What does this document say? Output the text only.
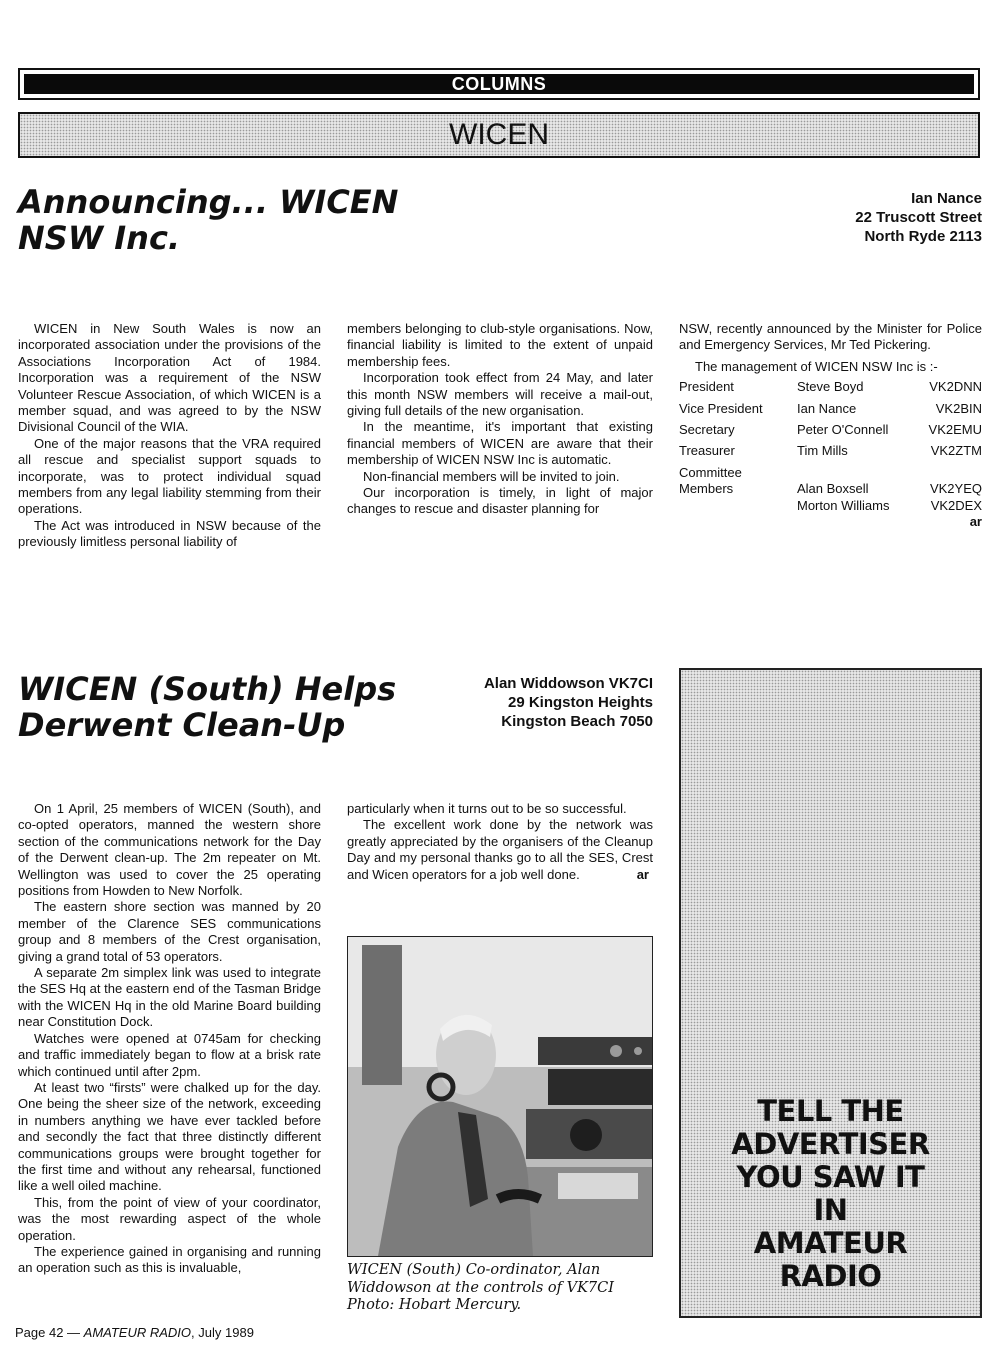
COLUMNS
WICEN
Announcing... WICEN
NSW Inc.
Ian Nance
22 Truscott Street
North Ryde 2113

WICEN in New South Wales is now an incorporated association under the provisions of the Associations Incorporation Act of 1984. Incorporation was a requirement of the NSW Volunteer Rescue Association, of which WICEN is a member squad, and was agreed to by the NSW Divisional Council of the WIA.

One of the major reasons that the VRA required all rescue and specialist support squads to incorporate, was to protect individual squad members from any legal liability stemming from their operations.

The Act was introduced in NSW because of the previously limitless personal liability of

members belonging to club-style organisations. Now, financial liability is limited to the extent of unpaid membership fees.

Incorporation took effect from 24 May, and later this month NSW members will receive a mail-out, giving full details of the new organisation.

In the meantime, it's important that existing financial members of WICEN are aware that their membership of WICEN NSW Inc is automatic.

Non-financial members will be invited to join.

Our incorporation is timely, in light of major changes to rescue and disaster planning for

NSW, recently announced by the Minister for Police and Emergency Services, Mr Ted Pickering.

The management of WICEN NSW Inc is :-

President	Steve Boyd	VK2DNN
Vice President	Ian Nance	VK2BIN
Secretary	Peter O'Connell	VK2EMU
Treasurer	Tim Mills	VK2ZTM
Committee		
Members	Alan Boxsell	VK2YEQ
	Morton Williams	VK2DEX
ar
WICEN (South) Helps
Derwent Clean-Up
Alan Widdowson VK7CI
29 Kingston Heights
Kingston Beach 7050

On 1 April, 25 members of WICEN (South), and co-opted operators, manned the western shore section of the communications network for the Day of the Derwent clean-up. The 2m repeater on Mt. Wellington was used to cover the 25 operating positions from Howden to New Norfolk.

The eastern shore section was manned by 20 member of the Clarence SES communications group and 8 members of the Crest organisation, giving a grand total of 53 operators.

A separate 2m simplex link was used to integrate the SES Hq at the eastern end of the Tasman Bridge with the WICEN Hq in the old Marine Board building near Constitution Dock.

Watches were opened at 0745am for checking and traffic immediately began to flow at a brisk rate which continued until after 2pm.

At least two “firsts” were chalked up for the day. One being the sheer size of the network, exceeding in numbers anything we have ever tackled before and secondly the fact that three distinctly different communications groups were brought together for the first time and without any rehearsal, functioned like a well oiled machine.

This, from the point of view of your coordinator, was the most rewarding aspect of the whole operation.

The experience gained in organising and running an operation such as this is invaluable,

particularly when it turns out to be so successful.

The excellent work done by the network was greatly appreciated by the organisers of the Cleanup Day and my personal thanks go to all the SES, Crest and Wicen operators for a job well done.	ar
WICEN (South) Co-ordinator, Alan
Widdowson at the controls of VK7CI
Photo: Hobart Mercury.
TELL THE
ADVERTISER
YOU SAW IT
IN
AMATEUR
RADIO
Page 42 — AMATEUR RADIO, July 1989
